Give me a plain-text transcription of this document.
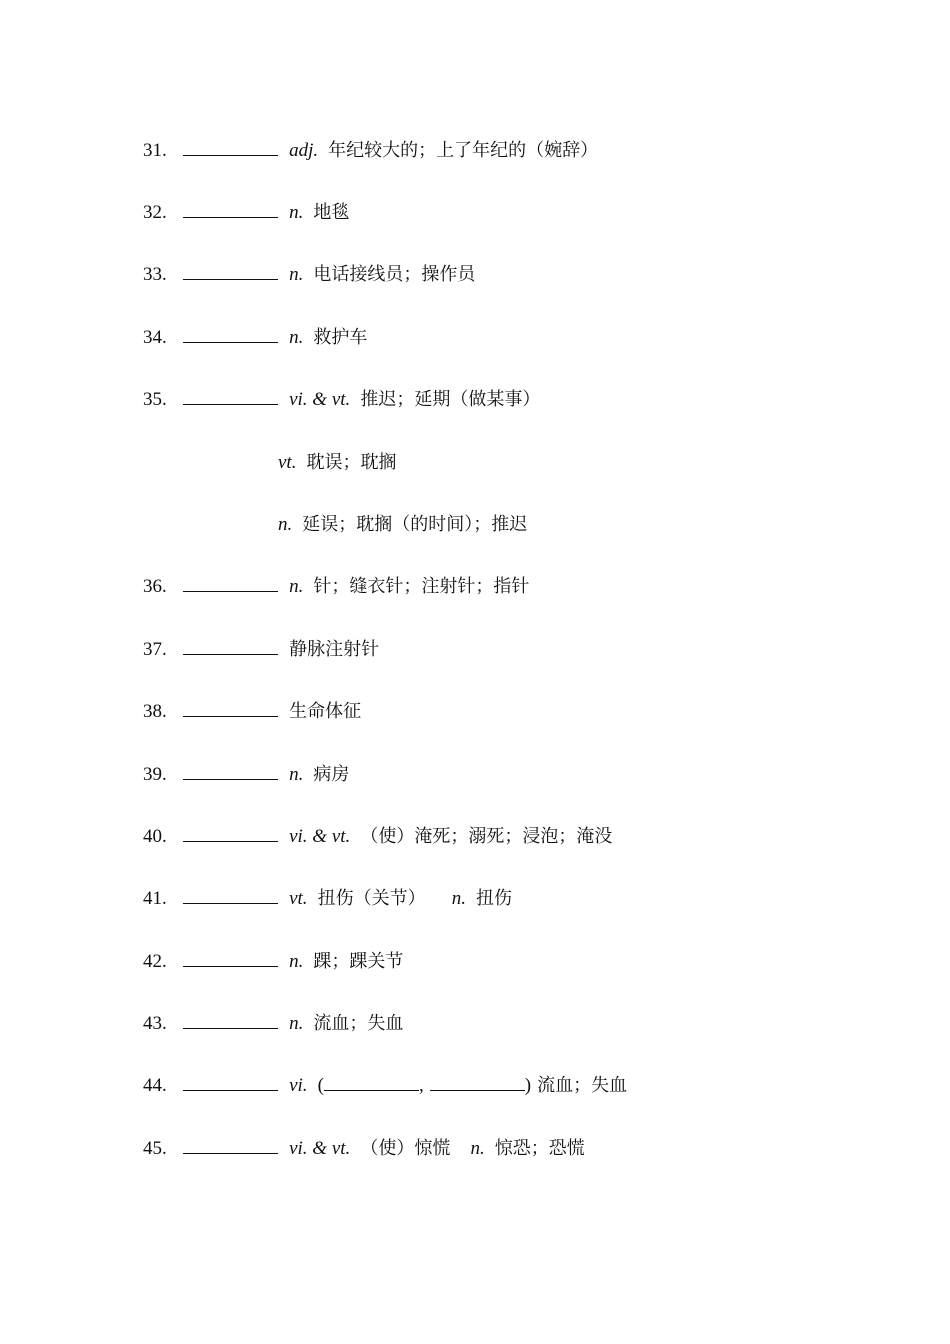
31.	adj. 年纪较大的；上了年纪的（婉辞）
32.	n. 地毯
33.	n. 电话接线员；操作员
34.	n. 救护车
35.	vi. & vt. 推迟；延期（做某事）
vt. 耽误；耽搁
n. 延误；耽搁（的时间）；推迟
36.	n. 针；缝衣针；注射针；指针
37.	静脉注射针
38.	生命体征
39.	n. 病房
40.	vi. & vt. （使）淹死；溺死；浸泡；淹没
41.	vt. 扭伤（关节） n. 扭伤
42.	n. 踝；踝关节
43.	n. 流血；失血
44.	vi. (	,	) 流血；失血
45.	vi. & vt. （使）惊慌 n. 惊恐；恐慌
